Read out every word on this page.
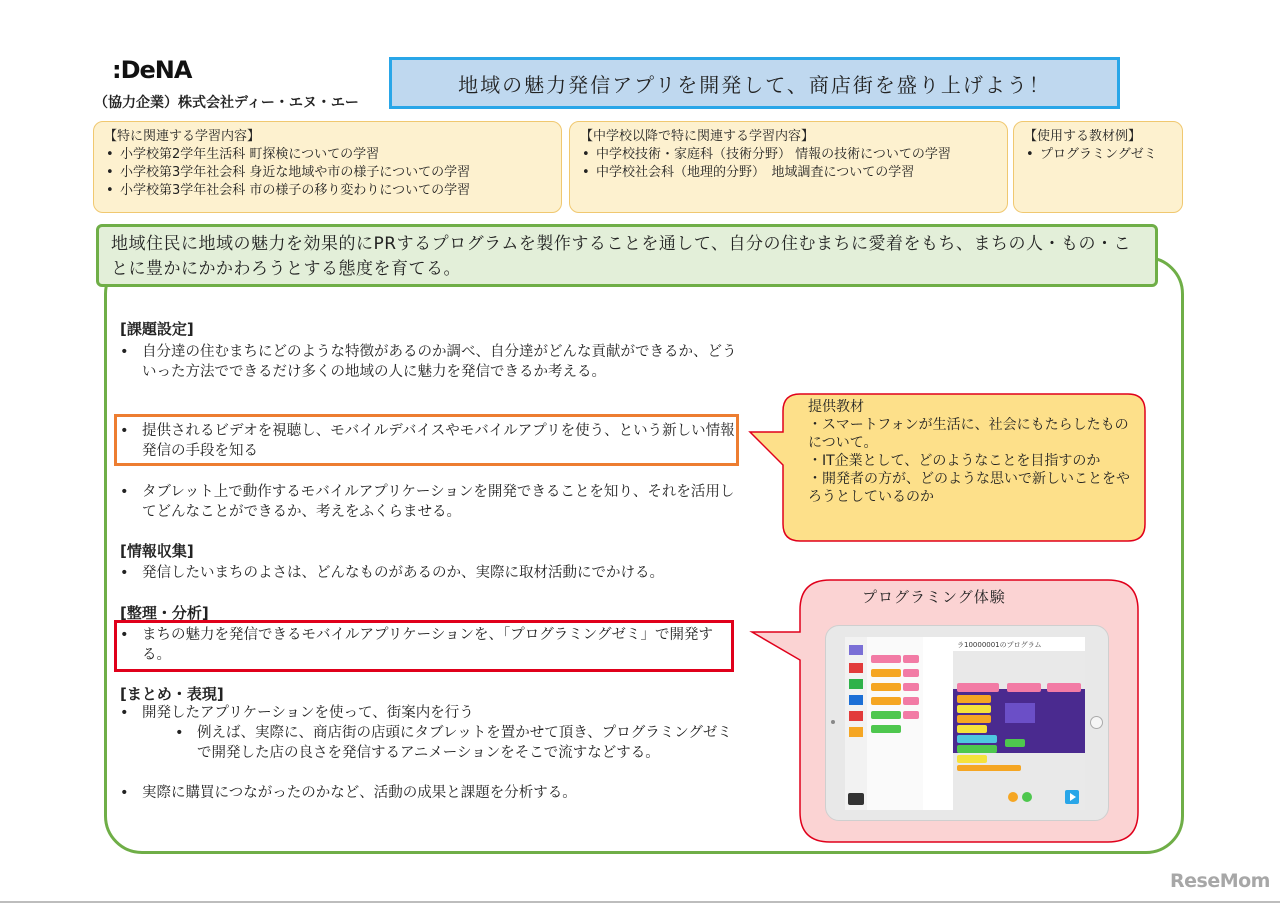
:DeNA
（協力企業）株式会社ディー・エヌ・エー
地域の魅力発信アプリを開発して、商店街を盛り上げよう！
【特に関連する学習内容】
• 小学校第2学年生活科 町探検についての学習
• 小学校第3学年社会科 身近な地域や市の様子についての学習
• 小学校第3学年社会科 市の様子の移り変わりについての学習
【中学校以降で特に関連する学習内容】
• 中学校技術・家庭科（技術分野） 情報の技術についての学習
• 中学校社会科（地理的分野）　地域調査についての学習
【使用する教材例】
• プログラミングゼミ
地域住民に地域の魅力を効果的にPRするプログラムを製作することを通して、自分の住むまちに愛着をもち、まちの人・もの・ことに豊かにかかわろうとする態度を育てる。
[課題設定]
• 自分達の住むまちにどのような特徴があるのか調べ、自分達がどんな貢献ができるか、どういった方法でできるだけ多くの地域の人に魅力を発信できるか考える。
• 提供されるビデオを視聴し、モバイルデバイスやモバイルアプリを使う、という新しい情報発信の手段を知る
• タブレット上で動作するモバイルアプリケーションを開発できることを知り、それを活用してどんなことができるか、考えをふくらませる。
[情報収集]
• 発信したいまちのよさは、どんなものがあるのか、実際に取材活動にでかける。
[整理・分析]
• まちの魅力を発信できるモバイルアプリケーションを、「プログラミングゼミ」で開発する。
[まとめ・表現]
• 開発したアプリケーションを使って、街案内を行う
• 例えば、実際に、商店街の店頭にタブレットを置かせて頂き、プログラミングゼミで開発した店の良さを発信するアニメーションをそこで流すなどする。
• 実際に購買につながったのかなど、活動の成果と課題を分析する。
提供教材
・スマートフォンが生活に、社会にもたらしたものについて。
・IT企業として、どのようなことを目指すのか
・開発者の方が、どのような思いで新しいことをやろうとしているのか
プログラミング体験
ラ10000001のプログラム
ReseMom
